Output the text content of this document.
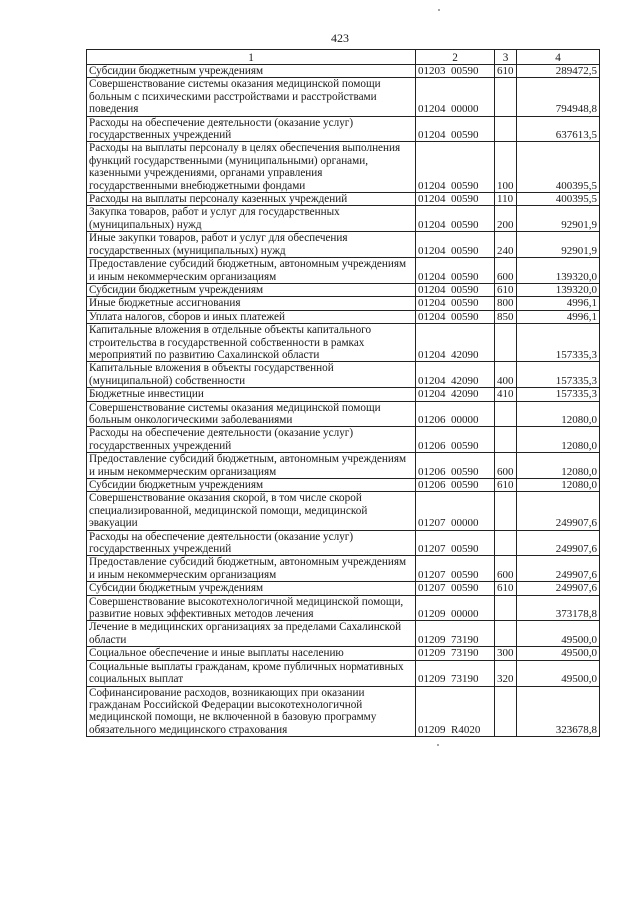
423
1	2	3	4
Субсидии бюджетным учреждениям	01203  00590	610	289472,5
Совершенствование системы оказания медицинской помощи больным с психическими расстройствами и расстройствами поведения	01204  00000		794948,8
Расходы на обеспечение деятельности (оказание услуг) государственных учреждений	01204  00590		637613,5
Расходы на выплаты персоналу в целях обеспечения выполнения функций государственными (муниципальными) органами, казенными учреждениями, органами управления государственными внебюджетными фондами	01204  00590	100	400395,5
Расходы на выплаты персоналу казенных учреждений	01204  00590	110	400395,5
Закупка товаров, работ и услуг для государственных (муниципальных) нужд	01204  00590	200	92901,9
Иные закупки товаров, работ и услуг для обеспечения государственных (муниципальных) нужд	01204  00590	240	92901,9
Предоставление субсидий бюджетным, автономным учреждениям и иным некоммерческим организациям	01204  00590	600	139320,0
Субсидии бюджетным учреждениям	01204  00590	610	139320,0
Иные бюджетные ассигнования	01204  00590	800	4996,1
Уплата налогов, сборов и иных платежей	01204  00590	850	4996,1
Капитальные вложения в отдельные объекты капитального строительства в государственной собственности в рамках мероприятий по развитию Сахалинской области	01204  42090		157335,3
Капитальные вложения в объекты государственной (муниципальной) собственности	01204  42090	400	157335,3
Бюджетные инвестиции	01204  42090	410	157335,3
Совершенствование системы оказания медицинской помощи больным онкологическими заболеваниями	01206  00000		12080,0
Расходы на обеспечение деятельности (оказание услуг) государственных учреждений	01206  00590		12080,0
Предоставление субсидий бюджетным, автономным учреждениям и иным некоммерческим организациям	01206  00590	600	12080,0
Субсидии бюджетным учреждениям	01206  00590	610	12080,0
Совершенствование оказания скорой, в том числе скорой специализированной, медицинской помощи, медицинской эвакуации	01207  00000		249907,6
Расходы на обеспечение деятельности (оказание услуг) государственных учреждений	01207  00590		249907,6
Предоставление субсидий бюджетным, автономным учреждениям и иным некоммерческим организациям	01207  00590	600	249907,6
Субсидии бюджетным учреждениям	01207  00590	610	249907,6
Совершенствование высокотехнологичной медицинской помощи, развитие новых эффективных методов лечения	01209  00000		373178,8
Лечение в медицинских организациях за пределами Сахалинской области	01209  73190		49500,0
Социальное обеспечение и иные выплаты населению	01209  73190	300	49500,0
Социальные выплаты гражданам, кроме публичных нормативных социальных выплат	01209  73190	320	49500,0
Софинансирование расходов, возникающих при оказании гражданам Российской Федерации высокотехнологичной медицинской помощи, не включенной в базовую программу обязательного медицинского страхования	01209  R4020		323678,8
